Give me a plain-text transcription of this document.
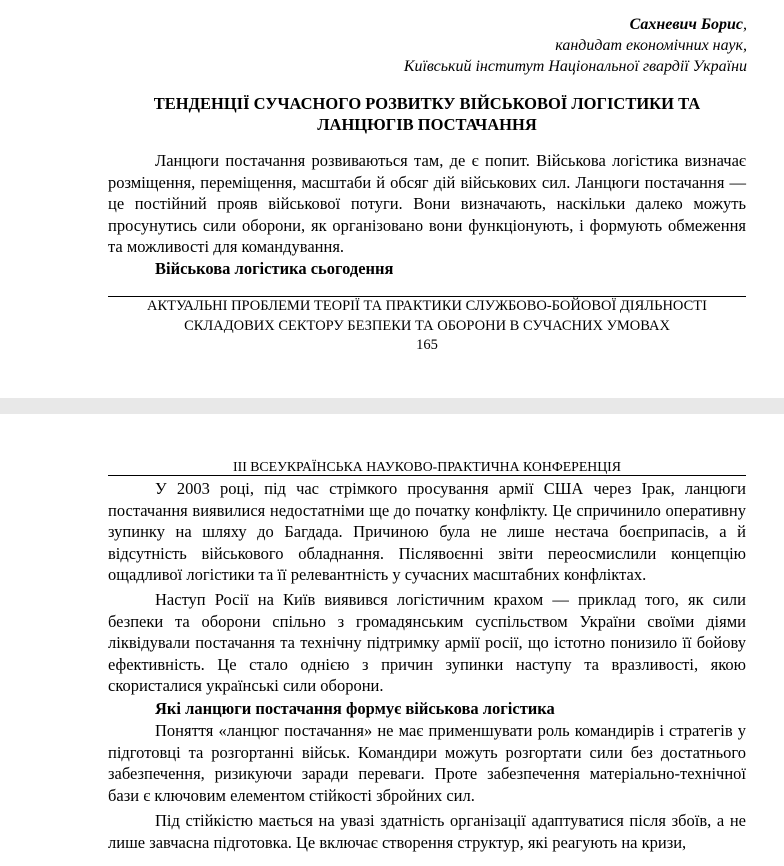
Сахневич Борис,
кандидат економічних наук,
Київський інститут Національної гвардії України
ТЕНДЕНЦІЇ СУЧАСНОГО РОЗВИТКУ ВІЙСЬКОВОЇ ЛОГІСТИКИ ТА
ЛАНЦЮГІВ ПОСТАЧАННЯ

Ланцюги постачання розвиваються там, де є попит. Військова логістика визначає розміщення, переміщення, масштаби й обсяг дій військових сил. Ланцюги постачання — це постійний прояв військової потуги. Вони визначають, наскільки далеко можуть просунутись сили оборони, як організовано вони функціонують, і формують обмеження та можливості для командування.

Військова логістика сьогодення
АКТУАЛЬНІ ПРОБЛЕМИ ТЕОРІЇ ТА ПРАКТИКИ СЛУЖБОВО-БОЙОВОЇ ДІЯЛЬНОСТІ
СКЛАДОВИХ СЕКТОРУ БЕЗПЕКИ ТА ОБОРОНИ В СУЧАСНИХ УМОВАХ
165
ІІІ ВСЕУКРАЇНСЬКА НАУКОВО-ПРАКТИЧНА КОНФЕРЕНЦІЯ

У 2003 році, під час стрімкого просування армії США через Ірак, ланцюги постачання виявилися недостатніми ще до початку конфлікту. Це спричинило оперативну зупинку на шляху до Багдада. Причиною була не лише нестача боєприпасів, а й відсутність військового обладнання. Післявоєнні звіти переосмислили концепцію ощадливої логістики та її релевантність у сучасних масштабних конфліктах.

Наступ Росії на Київ виявився логістичним крахом — приклад того, як сили безпеки та оборони спільно з громадянським суспільством України своїми діями ліквідували постачання та технічну підтримку армії росії, що істотно понизило її бойову ефективність. Це стало однією з причин зупинки наступу та вразливості, якою скористалися українські сили оборони.

Які ланцюги постачання формує військова логістика

Поняття «ланцюг постачання» не має применшувати роль командирів і стратегів у підготовці та розгортанні військ. Командири можуть розгортати сили без достатнього забезпечення, ризикуючи заради переваги. Проте забезпечення матеріально-технічної бази є ключовим елементом стійкості збройних сил.

Під стійкістю мається на увазі здатність організації адаптуватися після збоїв, а не лише завчасна підготовка. Це включає створення структур, які реагують на кризи,
